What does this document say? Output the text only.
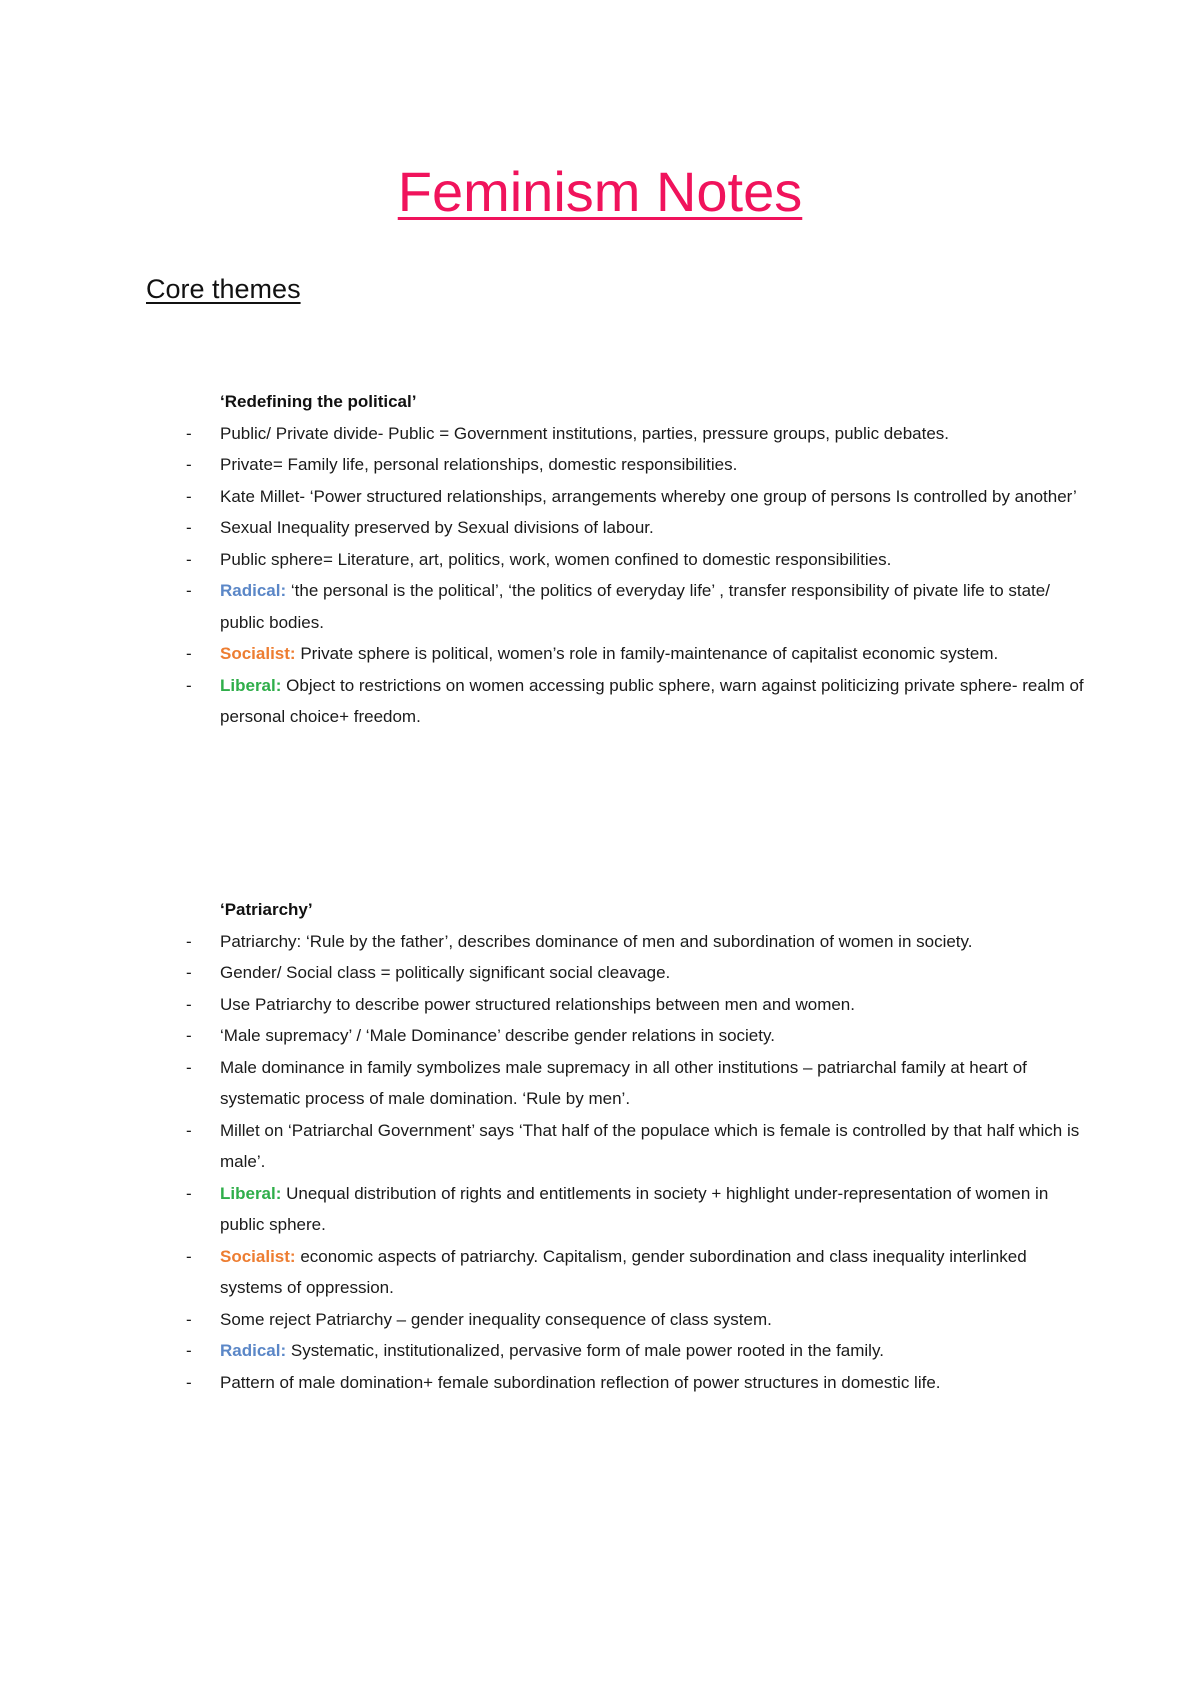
Feminism Notes
Core themes

‘Redefining the political’

-	Public/ Private divide- Public = Government institutions, parties, pressure groups, public debates.
-	Private= Family life, personal relationships, domestic responsibilities.
-	Kate Millet- ‘Power structured relationships, arrangements whereby one group of persons Is controlled by another’
-	Sexual Inequality preserved by Sexual divisions of labour.
-	Public sphere= Literature, art, politics, work, women confined to domestic responsibilities.
-	Radical: ‘the personal is the political’, ‘the politics of everyday life’ , transfer responsibility of pivate life to state/ public bodies.
-	Socialist: Private sphere is political, women’s role in family-maintenance of capitalist economic system.
-	Liberal: Object to restrictions on women accessing public sphere, warn against politicizing private sphere- realm of personal choice+ freedom.

‘Patriarchy’

-	Patriarchy: ‘Rule by the father’, describes dominance of men and subordination of women in society.
-	Gender/ Social class = politically significant social cleavage.
-	Use Patriarchy to describe power structured relationships between men and women.
-	‘Male supremacy’ / ‘Male Dominance’ describe gender relations in society.
-	Male dominance in family symbolizes male supremacy in all other institutions – patriarchal family at heart of systematic process of male domination. ‘Rule by men’.
-	Millet on ‘Patriarchal Government’ says ‘That half of the populace which is female is controlled by that half which is male’.
-	Liberal: Unequal distribution of rights and entitlements in society + highlight under-representation of women in public sphere.
-	Socialist: economic aspects of patriarchy. Capitalism, gender subordination and class inequality interlinked systems of oppression.
-	Some reject Patriarchy – gender inequality consequence of class system.
-	Radical: Systematic, institutionalized, pervasive form of male power rooted in the family.
-	Pattern of male domination+ female subordination reflection of power structures in domestic life.
